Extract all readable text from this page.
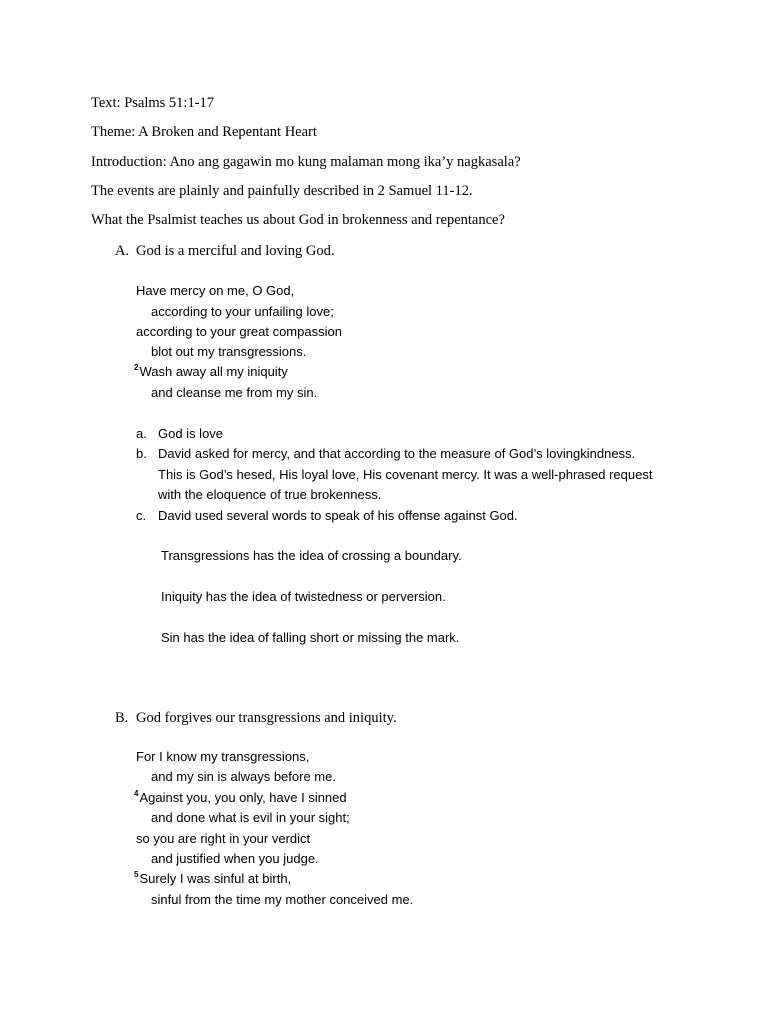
Text: Psalms 51:1-17
Theme: A Broken and Repentant Heart
Introduction: Ano ang gagawin mo kung malaman mong ika’y nagkasala?
The events are plainly and painfully described in 2 Samuel 11-12.
What the Psalmist teaches us about God in brokenness and repentance?
A. God is a merciful and loving God.
Have mercy on me, O God,
according to your unfailing love;
according to your great compassion
blot out my transgressions.
$^2$Wash away all my iniquity
and cleanse me from my sin.
a. God is love
b. David asked for mercy, and that according to the measure of God’s lovingkindness.
This is God’s hesed, His loyal love, His covenant mercy. It was a well-phrased request
with the eloquence of true brokenness.
c. David used several words to speak of his offense against God.
Transgressions has the idea of crossing a boundary.
Iniquity has the idea of twistedness or perversion.
Sin has the idea of falling short or missing the mark.
B. God forgives our transgressions and iniquity.
For I know my transgressions,
and my sin is always before me.
$^4$Against you, you only, have I sinned
and done what is evil in your sight;
so you are right in your verdict
and justified when you judge.
$^5$Surely I was sinful at birth,
sinful from the time my mother conceived me.
